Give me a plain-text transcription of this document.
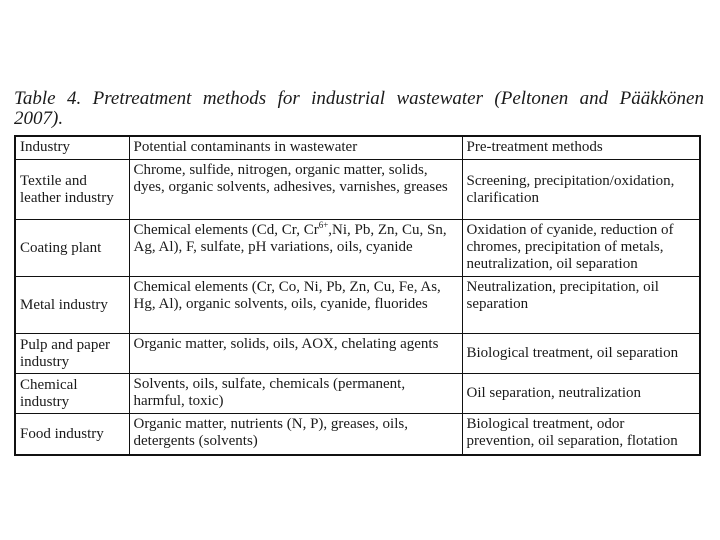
Table 4. Pretreatment methods for industrial wastewater (Peltonen and Pääkkönen 2007).
Industry	Potential contaminants in wastewater	Pre-treatment methods
Textile and leather industry	Chrome, sulfide, nitrogen, organic matter, solids, dyes, organic solvents, adhesives, varnishes, greases	Screening, precipitation/oxidation, clarification
Coating plant	Chemical elements (Cd, Cr, $Cr^{6+},Ni$, Pb, Zn, Cu, Sn, Ag, Al), F, sulfate, pH variations, oils, cyanide	Oxidation of cyanide, reduction of chromes, precipitation of metals, neutralization, oil separation
Metal industry	Chemical elements (Cr, Co, Ni, Pb, Zn, Cu, Fe, As, Hg, Al), organic solvents, oils, cyanide, fluorides	Neutralization, precipitation, oil separation
Pulp and paper industry	Organic matter, solids, oils, AOX, chelating agents	Biological treatment, oil separation
Chemical industry	Solvents, oils, sulfate, chemicals (permanent, harmful, toxic)	Oil separation, neutralization
Food industry	Organic matter, nutrients (N, P), greases, oils, detergents (solvents)	Biological treatment, odor prevention, oil separation, flotation
